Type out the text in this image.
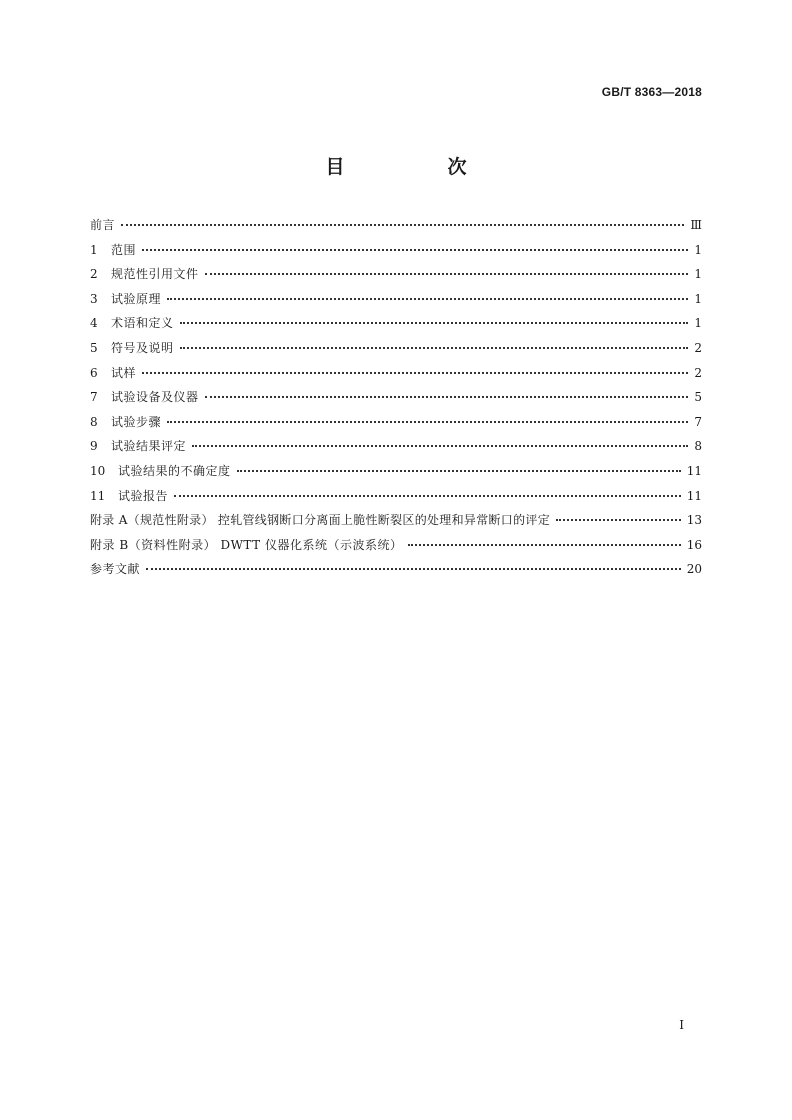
GB/T 8363—2018
目　次
前言	Ⅲ
1	范围	1
2	规范性引用文件	1
3	试验原理	1
4	术语和定义	1
5	符号及说明	2
6	试样	2
7	试验设备及仪器	5
8	试验步骤	7
9	试验结果评定	8
10	试验结果的不确定度	11
11	试验报告	11
附录 A（规范性附录） 控轧管线钢断口分离面上脆性断裂区的处理和异常断口的评定	13
附录 B（资料性附录） DWTT 仪器化系统（示波系统）	16
参考文献	20
Ⅰ
